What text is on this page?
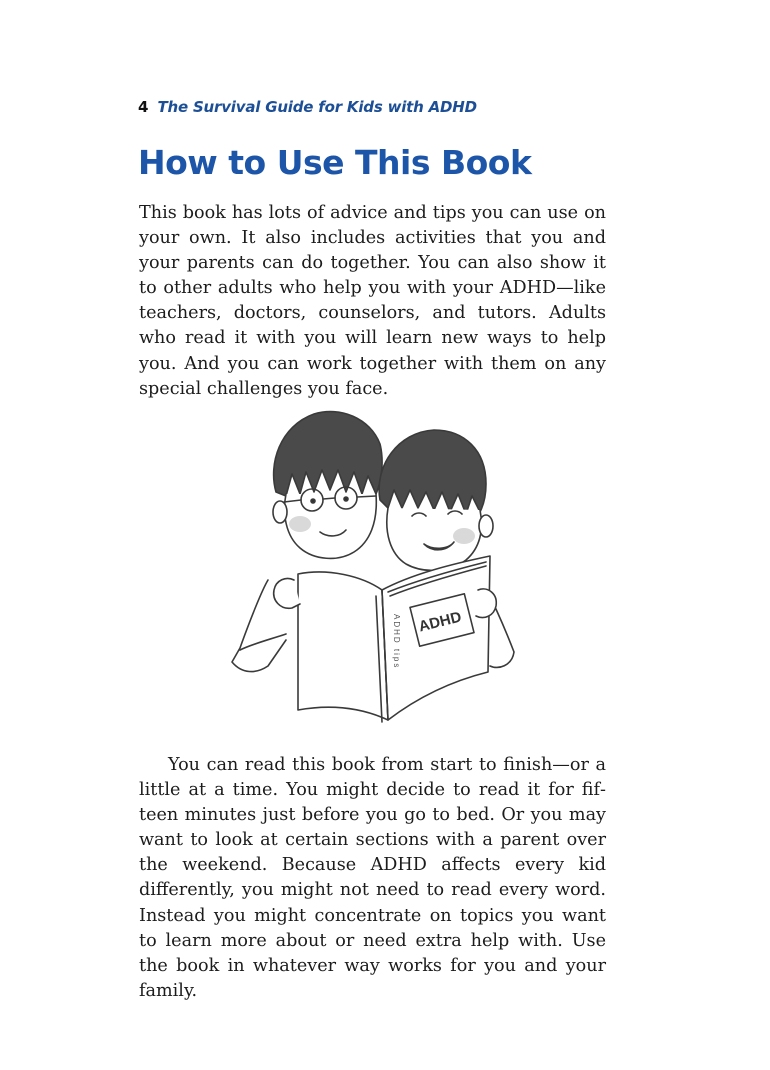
4 The Survival Guide for Kids with ADHD
How to Use This Book

This book has lots of advice and tips you can use on your own. It also includes activities that you and your parents can do together. You can also show it to other adults who help you with your ADHD—like teachers, doctors, counselors, and tutors. Adults who read it with you will learn new ways to help you. And you can work together with them on any special challenges you face.

ADHD
ADHD tips

You can read this book from start to finish—or a little at a time. You might decide to read it for fifteen minutes just before you go to bed. Or you may want to look at certain sections with a parent over the weekend. Because ADHD affects every kid differently, you might not need to read every word. Instead you might concentrate on topics you want to learn more about or need extra help with. Use the book in whatever way works for you and your family.
